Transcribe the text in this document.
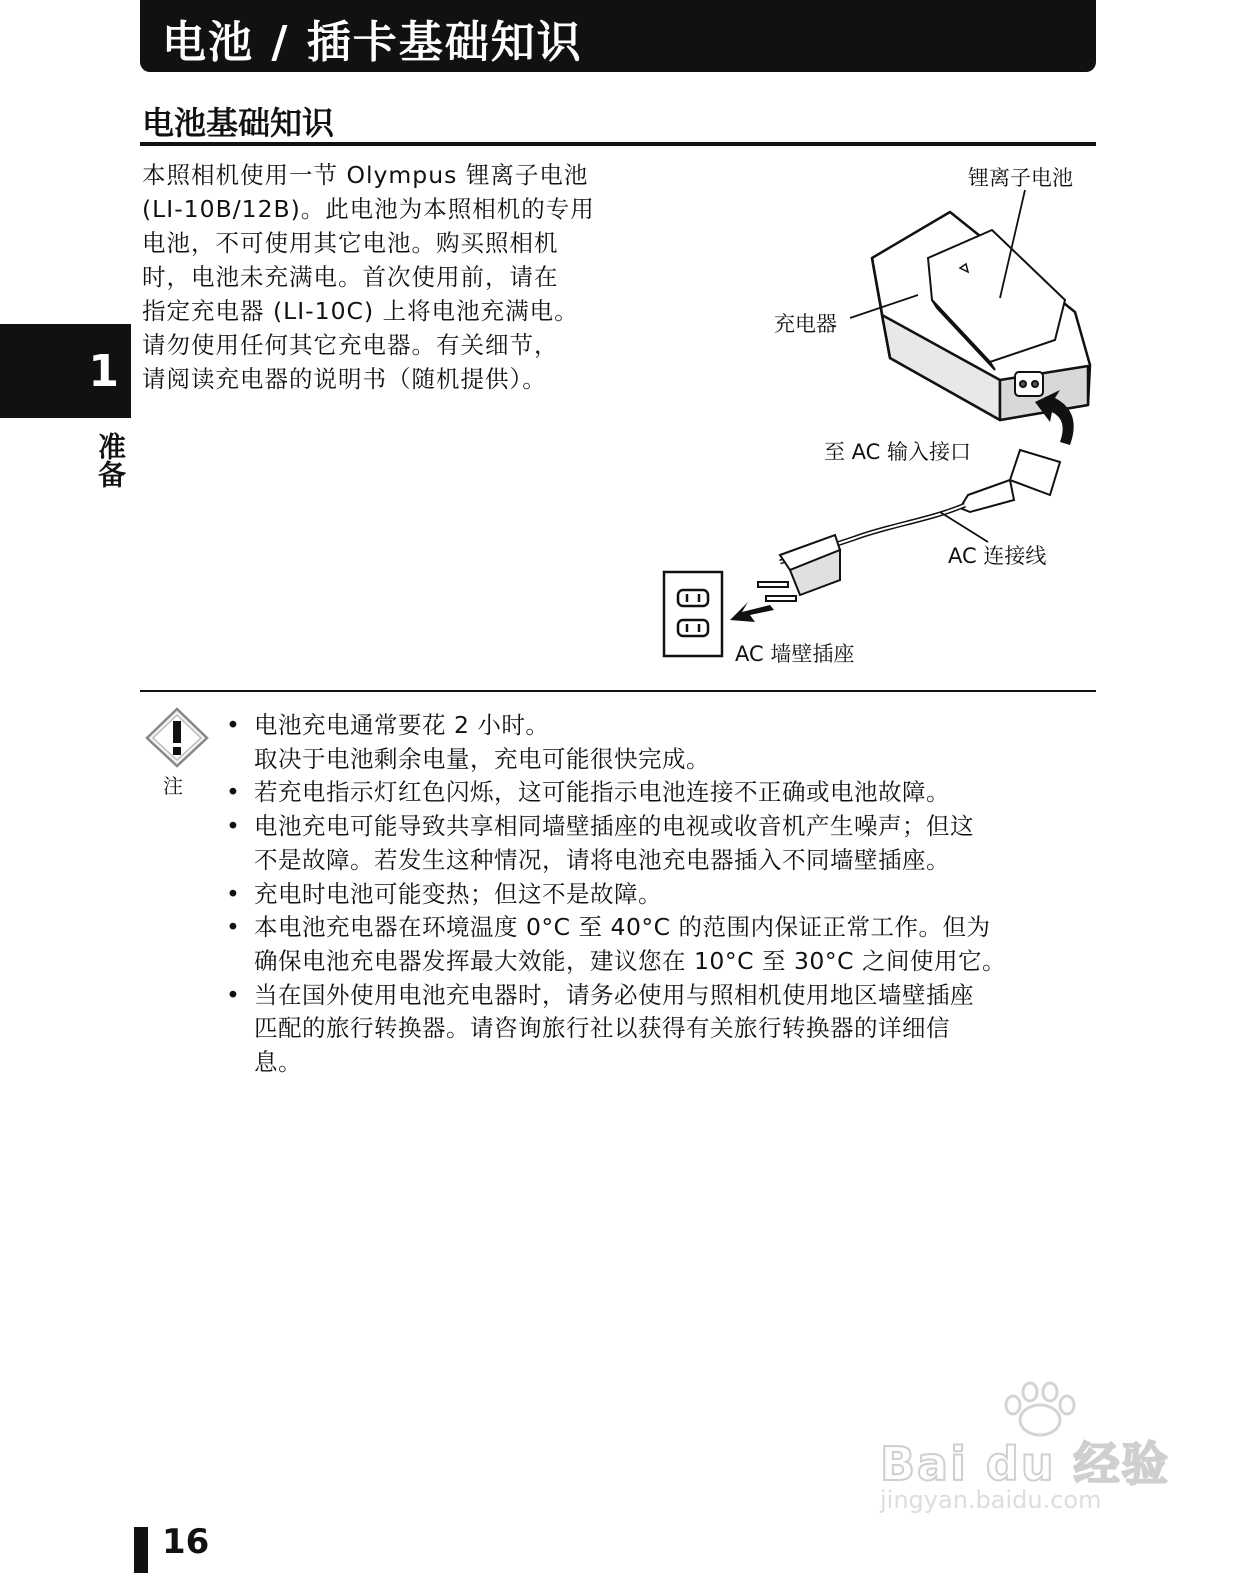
电池 / 插卡基础知识
电池基础知识

本照相机使用一节 Olympus 锂离子电池

(LI-10B/12B)。此电池为本照相机的专用

电池，不可使用其它电池。购买照相机

时，电池未充满电。首次使用前，请在

指定充电器 (LI-10C) 上将电池充满电。

请勿使用任何其它充电器。有关细节，

请阅读充电器的说明书（随机提供）。

1
准备
锂离子电池
充电器
至 AC 输入接口
AC 连接线
AC 墙壁插座
注
• 电池充电通常要花 2 小时。
取决于电池剩余电量，充电可能很快完成。
• 若充电指示灯红色闪烁，这可能指示电池连接不正确或电池故障。
• 电池充电可能导致共享相同墙壁插座的电视或收音机产生噪声；但这
不是故障。若发生这种情况，请将电池充电器插入不同墙壁插座。
• 充电时电池可能变热；但这不是故障。
• 本电池充电器在环境温度 0°C 至 40°C 的范围内保证正常工作。但为
确保电池充电器发挥最大效能，建议您在 10°C 至 30°C 之间使用它。
• 当在国外使用电池充电器时，请务必使用与照相机使用地区墙壁插座
匹配的旅行转换器。请咨询旅行社以获得有关旅行转换器的详细信
息。
Bai du 经验
jingyan.baidu.com
16
